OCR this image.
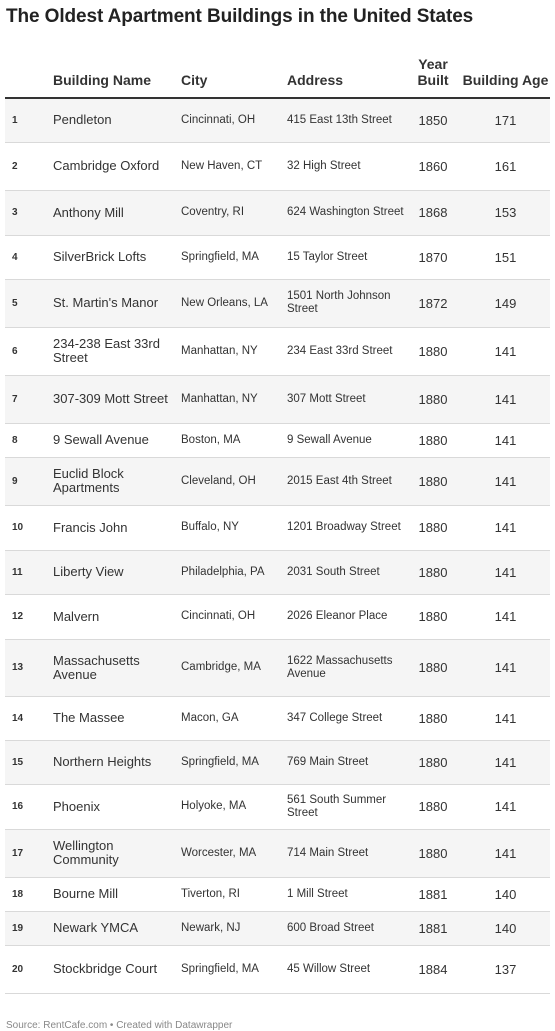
The Oldest Apartment Buildings in the United States
	Building Name	City	Address	Year Built	Building Age
1	Pendleton	Cincinnati, OH	415 East 13th Street	1850	171
2	Cambridge Oxford	New Haven, CT	32 High Street	1860	161
3	Anthony Mill	Coventry, RI	624 Washington Street	1868	153
4	SilverBrick Lofts	Springfield, MA	15 Taylor Street	1870	151
5	St. Martin's Manor	New Orleans, LA	1501 North Johnson Street	1872	149
6	234-238 East 33rd Street	Manhattan, NY	234 East 33rd Street	1880	141
7	307-309 Mott Street	Manhattan, NY	307 Mott Street	1880	141
8	9 Sewall Avenue	Boston, MA	9 Sewall Avenue	1880	141
9	Euclid Block Apartments	Cleveland, OH	2015 East 4th Street	1880	141
10	Francis John	Buffalo, NY	1201 Broadway Street	1880	141
11	Liberty View	Philadelphia, PA	2031 South Street	1880	141
12	Malvern	Cincinnati, OH	2026 Eleanor Place	1880	141
13	Massachusetts Avenue	Cambridge, MA	1622 Massachusetts Avenue	1880	141
14	The Massee	Macon, GA	347 College Street	1880	141
15	Northern Heights	Springfield, MA	769 Main Street	1880	141
16	Phoenix	Holyoke, MA	561 South Summer Street	1880	141
17	Wellington Community	Worcester, MA	714 Main Street	1880	141
18	Bourne Mill	Tiverton, RI	1 Mill Street	1881	140
19	Newark YMCA	Newark, NJ	600 Broad Street	1881	140
20	Stockbridge Court	Springfield, MA	45 Willow Street	1884	137
Source: RentCafe.com • Created with Datawrapper
